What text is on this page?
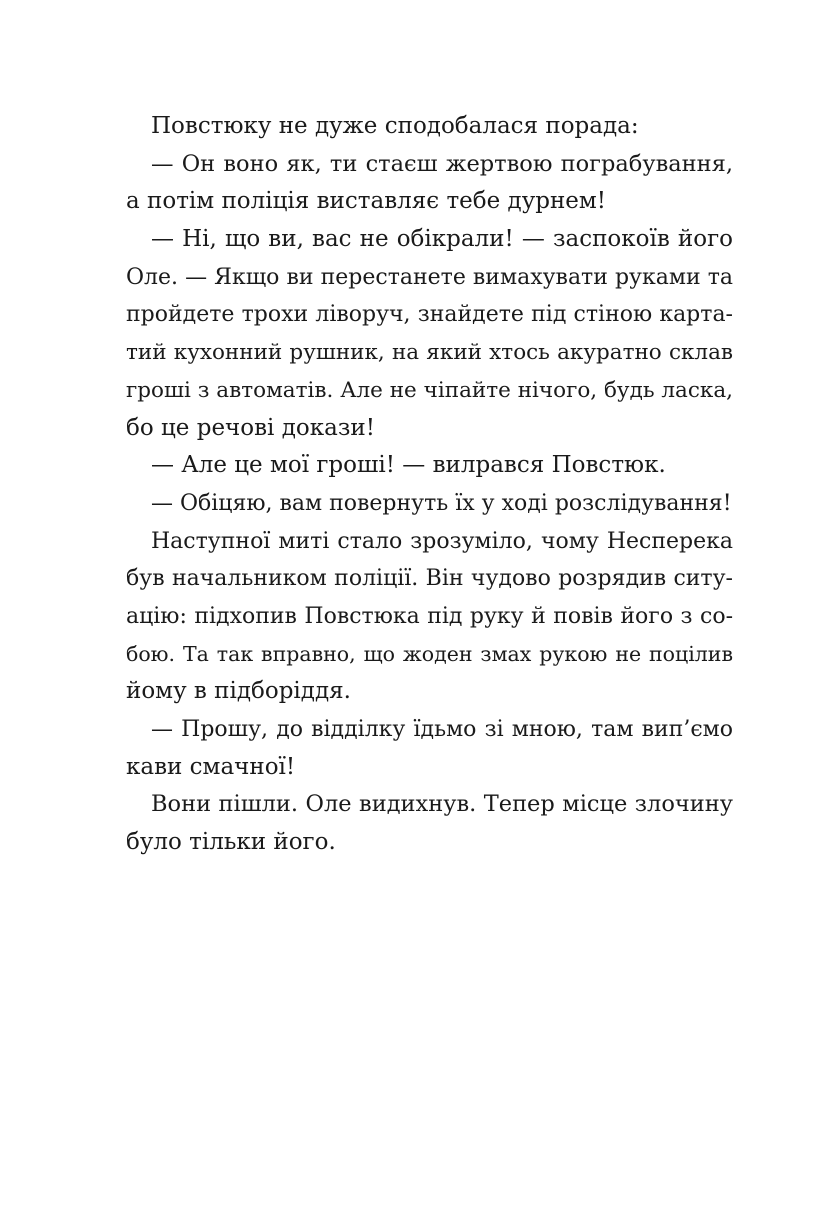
Повстюку не дуже сподобалася порада:
— Он воно як, ти стаєш жертвою пограбування,
а потім поліція виставляє тебе дурнем!
— Ні, що ви, вас не обікрали! — заспокоїв його
Оле. — Якщо ви перестанете вимахувати руками та
пройдете трохи ліворуч, знайдете під стіною карта-
тий кухонний рушник, на який хтось акуратно склав
гроші з автоматів. Але не чіпайте нічого, будь ласка,
бо це речові докази!
— Але це мої гроші! — вилрався Повстюк.
— Обіцяю, вам повернуть їх у ході розслідування!
Наступної миті стало зрозуміло, чому Несперека
був начальником поліції. Він чудово розрядив ситу-
ацію: підхопив Повстюка під руку й повів його з со-
бою. Та так вправно, що жоден змах рукою не поцілив
йому в підборіддя.
— Прошу, до відділку їдьмо зі мною, там вип’ємо
кави смачної!
Вони пішли. Оле видихнув. Тепер місце злочину
було тільки його.
